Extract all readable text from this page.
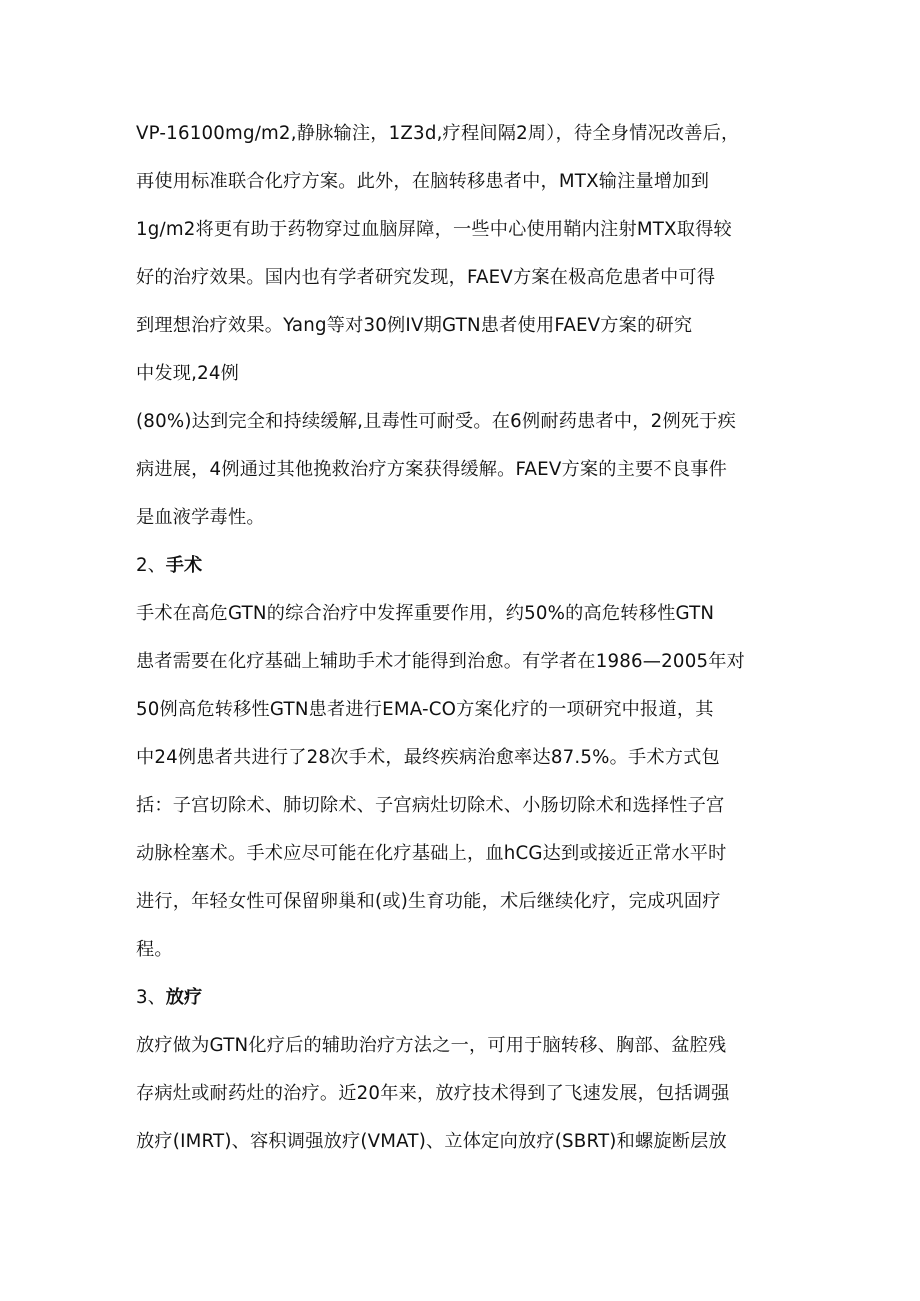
VP-16100mg∕m2,静脉输注，1Z3d,疗程间隔2周），待全身情况改善后，
再使用标准联合化疗方案。此外，在脑转移患者中，MTX输注量增加到
1g∕m2将更有助于药物穿过血脑屏障，一些中心使用鞘内注射MTX取得较
好的治疗效果。国内也有学者研究发现，FAEV方案在极高危患者中可得
到理想治疗效果。Yang等对30例IV期GTN患者使用FAEV方案的研究
中发现,24例
(80%)达到完全和持续缓解,且毒性可耐受。在6例耐药患者中，2例死于疾
病进展，4例通过其他挽救治疗方案获得缓解。FAEV方案的主要不良事件
是血液学毒性。
2、手术
手术在高危GTN的综合治疗中发挥重要作用，约50%的高危转移性GTN
患者需要在化疗基础上辅助手术才能得到治愈。有学者在1986—2005年对
50例高危转移性GTN患者进行EMA-CO方案化疗的一项研究中报道，其
中24例患者共进行了28次手术，最终疾病治愈率达87.5%。手术方式包
括：子宫切除术、肺切除术、子宫病灶切除术、小肠切除术和选择性子宫
动脉栓塞术。手术应尽可能在化疗基础上，血hCG达到或接近正常水平时
进行，年轻女性可保留卵巢和(或)生育功能，术后继续化疗，完成巩固疗
程。
3、放疗
放疗做为GTN化疗后的辅助治疗方法之一，可用于脑转移、胸部、盆腔残
存病灶或耐药灶的治疗。近20年来，放疗技术得到了飞速发展，包括调强
放疗(IMRT)、容积调强放疗(VMAT)、立体定向放疗(SBRT)和螺旋断层放
